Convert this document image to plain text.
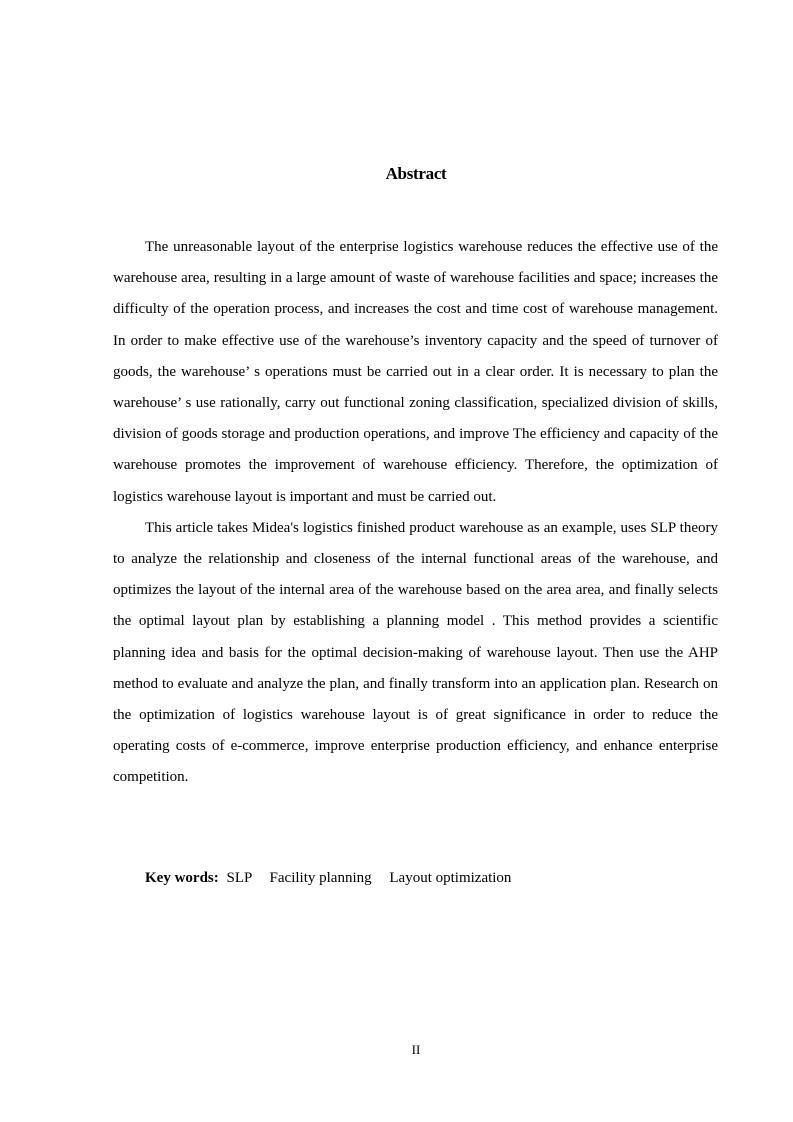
Abstract

The unreasonable layout of the enterprise logistics warehouse reduces the effective use of the warehouse area, resulting in a large amount of waste of warehouse facilities and space; increases the difficulty of the operation process, and increases the cost and time cost of warehouse management. In order to make effective use of the warehouse’s inventory capacity and the speed of turnover of goods, the warehouse’ s operations must be carried out in a clear order. It is necessary to plan the warehouse’ s use rationally, carry out functional zoning classification, specialized division of skills, division of goods storage and production operations, and improve The efficiency and capacity of the warehouse promotes the improvement of warehouse efficiency. Therefore, the optimization of logistics warehouse layout is important and must be carried out.

This article takes Midea's logistics finished product warehouse as an example, uses SLP theory to analyze the relationship and closeness of the internal functional areas of the warehouse, and optimizes the layout of the internal area of the warehouse based on the area area, and finally selects the optimal layout plan by establishing a planning model . This method provides a scientific planning idea and basis for the optimal decision-making of warehouse layout. Then use the AHP method to evaluate and analyze the plan, and finally transform into an application plan. Research on the optimization of logistics warehouse layout is of great significance in order to reduce the operating costs of e-commerce, improve enterprise production efficiency, and enhance enterprise competition.

Key words: SLP Facility planning Layout optimization
II
